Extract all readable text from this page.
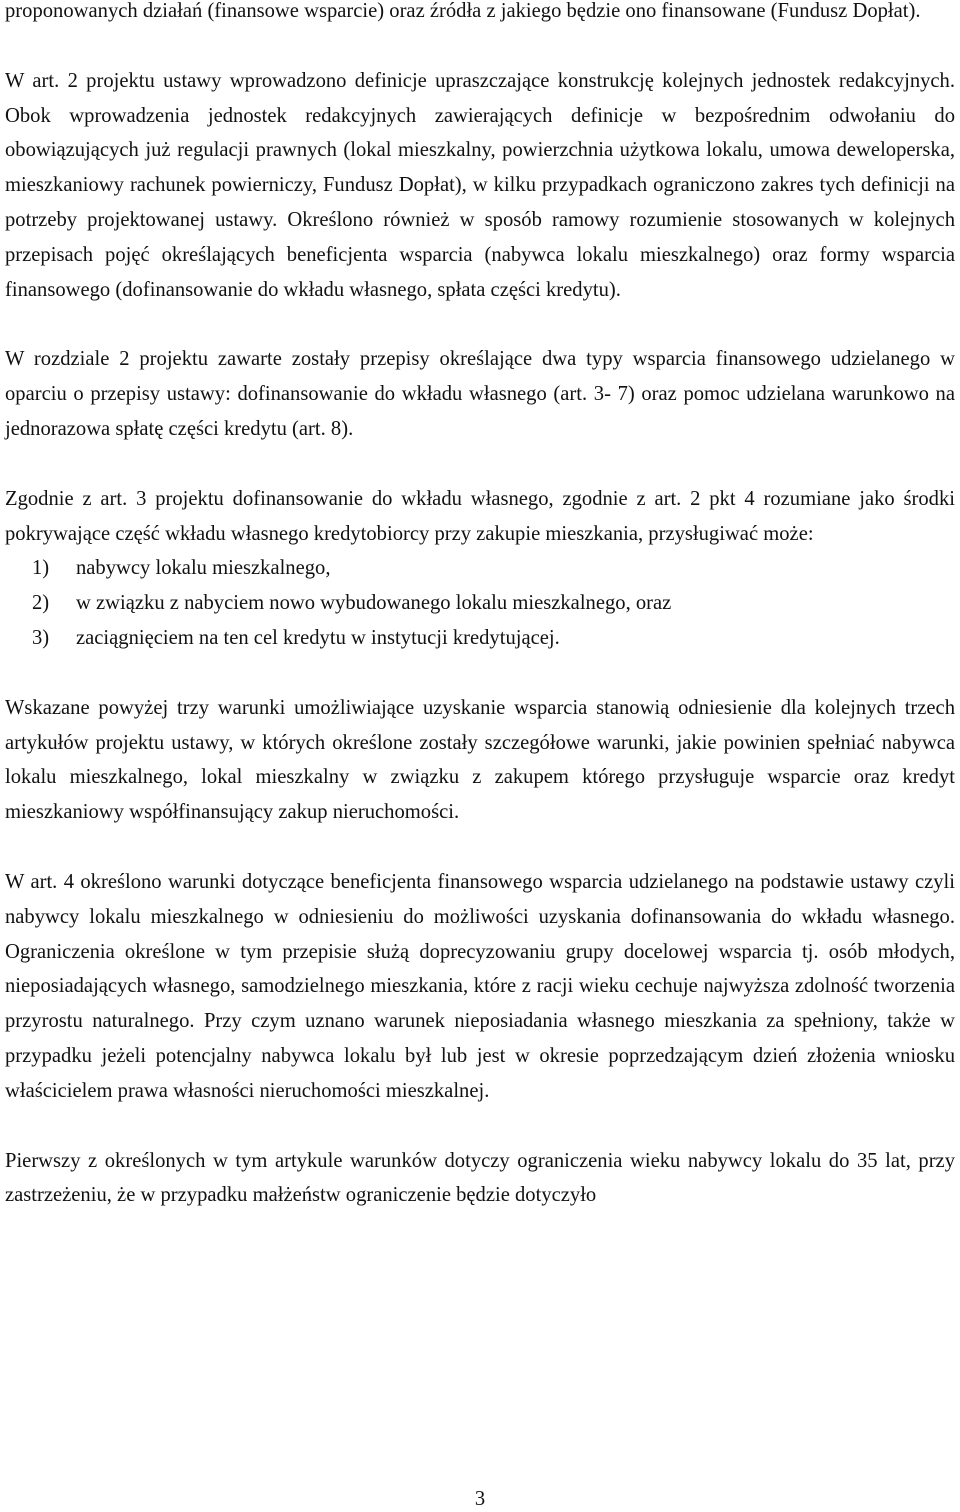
proponowanych działań (finansowe wsparcie) oraz źródła z jakiego będzie ono finansowane (Fundusz Dopłat).

W art. 2 projektu ustawy wprowadzono definicje upraszczające konstrukcję kolejnych jednostek redakcyjnych. Obok wprowadzenia jednostek redakcyjnych zawierających definicje w bezpośrednim odwołaniu do obowiązujących już regulacji prawnych (lokal mieszkalny, powierzchnia użytkowa lokalu, umowa deweloperska, mieszkaniowy rachunek powierniczy, Fundusz Dopłat), w kilku przypadkach ograniczono zakres tych definicji na potrzeby projektowanej ustawy. Określono również w sposób ramowy rozumienie stosowanych w kolejnych przepisach pojęć określających beneficjenta wsparcia (nabywca lokalu mieszkalnego) oraz formy wsparcia finansowego (dofinansowanie do wkładu własnego, spłata części kredytu).

W rozdziale 2 projektu zawarte zostały przepisy określające dwa typy wsparcia finansowego udzielanego w oparciu o przepisy ustawy: dofinansowanie do wkładu własnego (art. 3- 7) oraz pomoc udzielana warunkowo na jednorazowa spłatę części kredytu (art. 8).

Zgodnie z art. 3 projektu dofinansowanie do wkładu własnego, zgodnie z art. 2 pkt 4 rozumiane jako środki pokrywające część wkładu własnego kredytobiorcy przy zakupie mieszkania, przysługiwać może:

1)	nabywcy lokalu mieszkalnego,
2)	w związku z nabyciem nowo wybudowanego lokalu mieszkalnego, oraz
3)	zaciągnięciem na ten cel kredytu w instytucji kredytującej.

Wskazane powyżej trzy warunki umożliwiające uzyskanie wsparcia stanowią odniesienie dla kolejnych trzech artykułów projektu ustawy, w których określone zostały szczegółowe warunki, jakie powinien spełniać nabywca lokalu mieszkalnego, lokal mieszkalny w związku z zakupem którego przysługuje wsparcie oraz kredyt mieszkaniowy współfinansujący zakup nieruchomości.

W art. 4 określono warunki dotyczące beneficjenta finansowego wsparcia udzielanego na podstawie ustawy czyli nabywcy lokalu mieszkalnego w odniesieniu do możliwości uzyskania dofinansowania do wkładu własnego. Ograniczenia określone w tym przepisie służą doprecyzowaniu grupy docelowej wsparcia tj. osób młodych, nieposiadających własnego, samodzielnego mieszkania, które z racji wieku cechuje najwyższa zdolność tworzenia przyrostu naturalnego. Przy czym uznano warunek nieposiadania własnego mieszkania za spełniony, także w przypadku jeżeli potencjalny nabywca lokalu był lub jest w okresie poprzedzającym dzień złożenia wniosku właścicielem prawa własności nieruchomości mieszkalnej.

Pierwszy z określonych w tym artykule warunków dotyczy ograniczenia wieku nabywcy lokalu do 35 lat, przy zastrzeżeniu, że w przypadku małżeństw ograniczenie będzie dotyczyło

3
